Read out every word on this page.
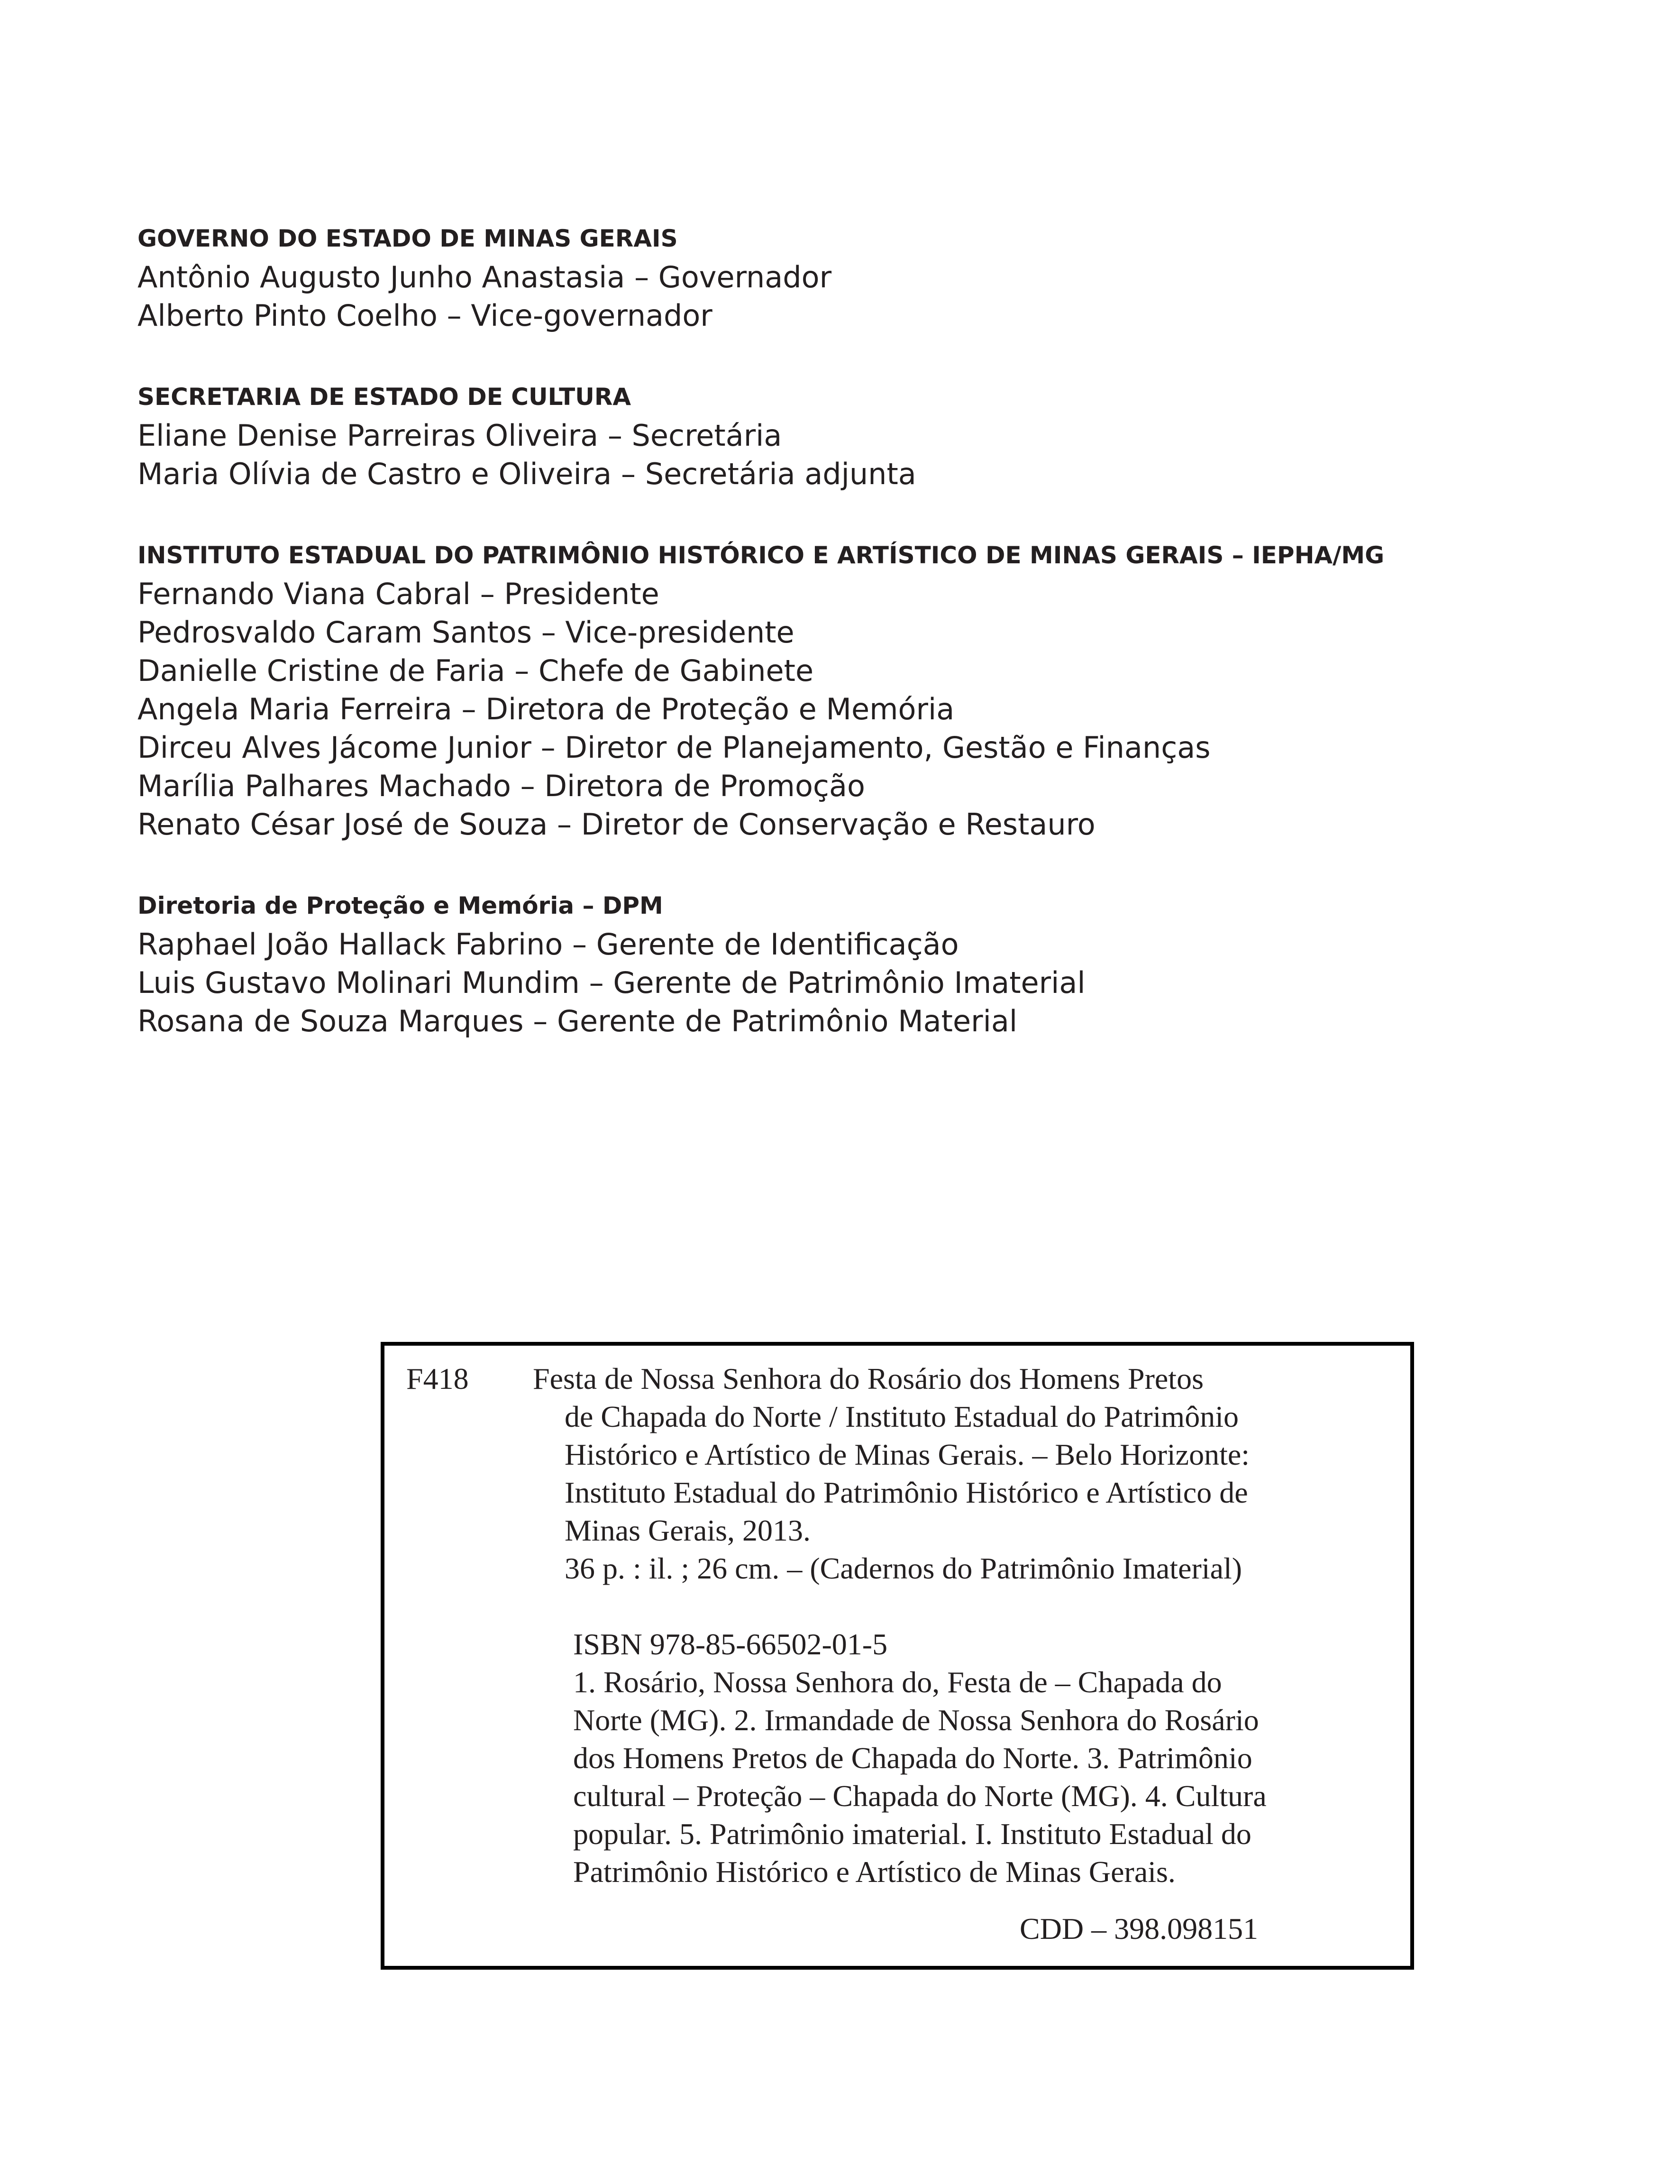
GOVERNO DO ESTADO DE MINAS GERAIS
Antônio Augusto Junho Anastasia – Governador
Alberto Pinto Coelho – Vice-governador
SECRETARIA DE ESTADO DE CULTURA
Eliane Denise Parreiras Oliveira – Secretária
Maria Olívia de Castro e Oliveira – Secretária adjunta
INSTITUTO ESTADUAL DO PATRIMÔNIO HISTÓRICO E ARTÍSTICO DE MINAS GERAIS – IEPHA/MG
Fernando Viana Cabral – Presidente
Pedrosvaldo Caram Santos – Vice-presidente
Danielle Cristine de Faria – Chefe de Gabinete
Angela Maria Ferreira – Diretora de Proteção e Memória
Dirceu Alves Jácome Junior – Diretor de Planejamento, Gestão e Finanças
Marília Palhares Machado – Diretora de Promoção
Renato César José de Souza – Diretor de Conservação e Restauro
Diretoria de Proteção e Memória – DPM
Raphael João Hallack Fabrino – Gerente de Identificação
Luis Gustavo Molinari Mundim – Gerente de Patrimônio Imaterial
Rosana de Souza Marques – Gerente de Patrimônio Material
F418 Festa de Nossa Senhora do Rosário dos Homens Pretos
de Chapada do Norte / Instituto Estadual do Patrimônio
Histórico e Artístico de Minas Gerais. – Belo Horizonte:
Instituto Estadual do Patrimônio Histórico e Artístico de
Minas Gerais, 2013.
36 p. : il. ; 26 cm. – (Cadernos do Patrimônio Imaterial)
ISBN 978-85-66502-01-5
1. Rosário, Nossa Senhora do, Festa de – Chapada do
Norte (MG). 2. Irmandade de Nossa Senhora do Rosário
dos Homens Pretos de Chapada do Norte. 3. Patrimônio
cultural – Proteção – Chapada do Norte (MG). 4. Cultura
popular. 5. Patrimônio imaterial. I. Instituto Estadual do
Patrimônio Histórico e Artístico de Minas Gerais.
CDD – 398.098151
